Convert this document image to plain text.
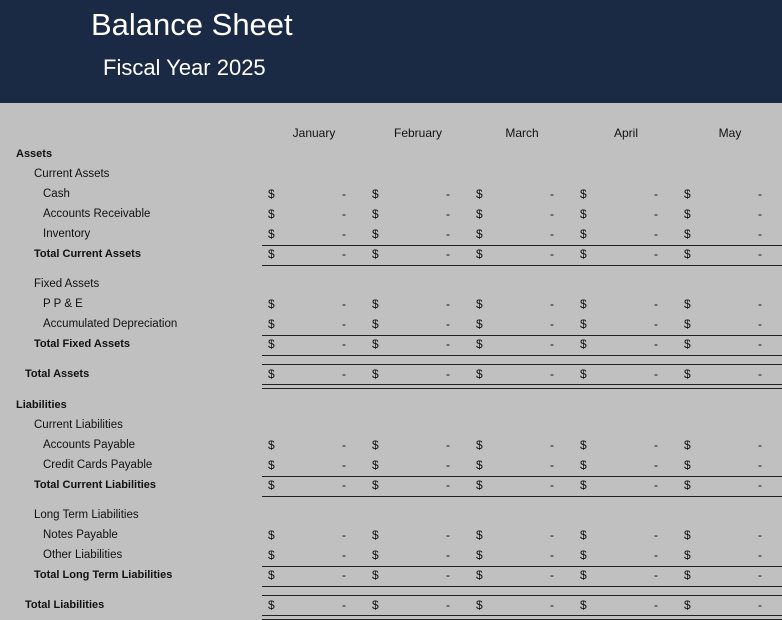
Balance Sheet
Fiscal Year 2025
January	February	March	April	May
Assets
Current Assets
Cash	$	- $	- $	- $	- $	-
Accounts Receivable	$	- $	- $	- $	- $	-
Inventory	$	- $	- $	- $	- $	-
Total Current Assets	$	- $	- $	- $	- $	-
Fixed Assets
P P & E	$	- $	- $	- $	- $	-
Accumulated Depreciation	$	- $	- $	- $	- $	-
Total Fixed Assets	$	- $	- $	- $	- $	-
Total Assets	$	- $	- $	- $	- $	-
Liabilities
Current Liabilities
Accounts Payable	$	- $	- $	- $	- $	-
Credit Cards Payable	$	- $	- $	- $	- $	-
Total Current Liabilities	$	- $	- $	- $	- $	-
Long Term Liabilities
Notes Payable	$	- $	- $	- $	- $	-
Other Liabilities	$	- $	- $	- $	- $	-
Total Long Term Liabilities	$	- $	- $	- $	- $	-
Total Liabilities	$	- $	- $	- $	- $	-
